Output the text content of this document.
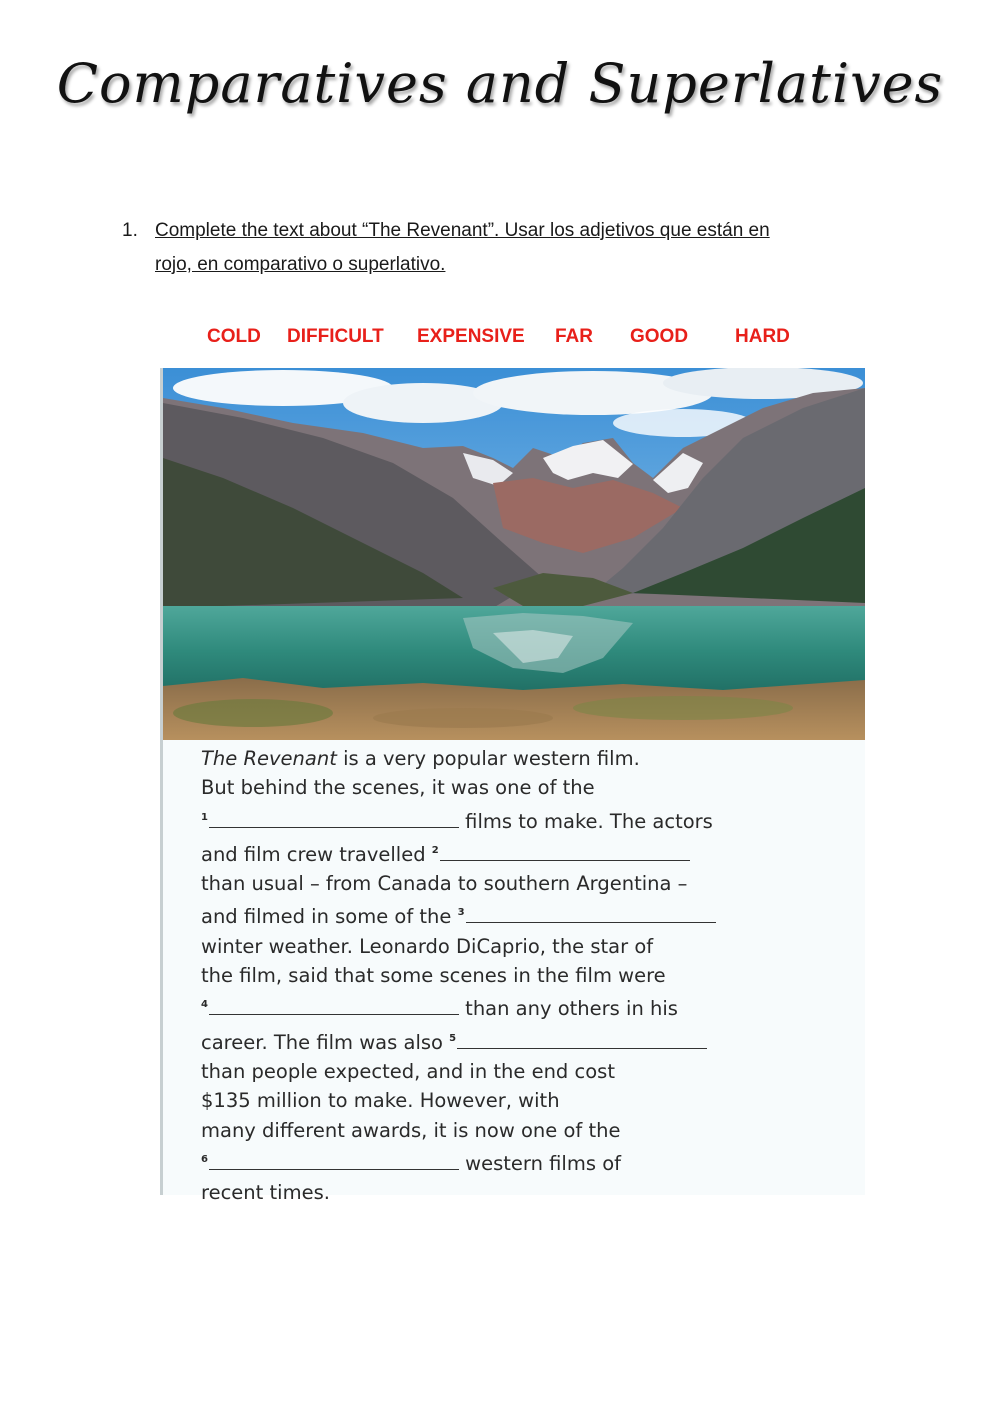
Comparatives and Superlatives
1. Complete the text about “The Revenant”. Usar los adjetivos que están en
rojo, en comparativo o superlativo.
COLD DIFFICULT EXPENSIVE FAR GOOD HARD
The Revenant is a very popular western film.
But behind the scenes, it was one of the
$^1$	films to make. The actors
and film crew travelled $^2$
than usual – from Canada to southern Argentina –
and filmed in some of the $^3$
winter weather. Leonardo DiCaprio, the star of
the film, said that some scenes in the film were
$^4$	than any others in his
career. The film was also $^5$
than people expected, and in the end cost
$135 million to make. However, with
many different awards, it is now one of the
$^6$	western films of
recent times.
